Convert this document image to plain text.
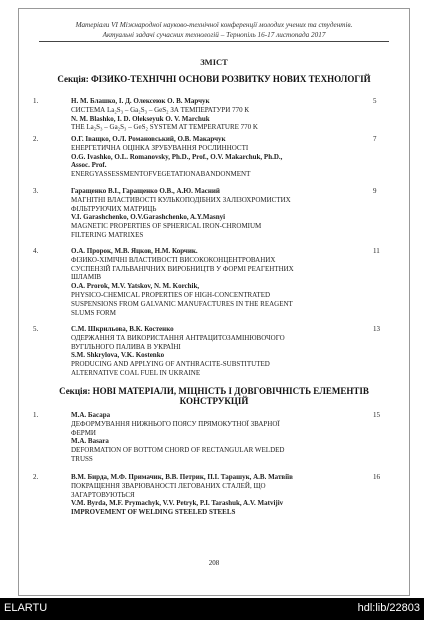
Матеріали VI Міжнародної науково-технічної конференції молодих учених та студентів.
Актуальні задачі сучасних технологій – Тернопіль 16-17 листопада 2017
ЗМІСТ
Секція: ФІЗИКО-ТЕХНІЧНІ ОСНОВИ РОЗВИТКУ НОВИХ ТЕХНОЛОГІЙ
1.	Н. М. Блашко, І. Д. Олексеюк О. В. Марчук
СИСТЕМА La₂S₃ – Ga₂S₃ – GeS₂ ЗА ТЕМПЕРАТУРИ 770 К
N. M. Blashko, I. D. Olekseyuk O. V. Marchuk
THE La₂S₃ – Ga₂S₃ – GeS₂ SYSTEM AT TEMPERATURE 770 K
5
2.	О.Г. Іващко, О.Л. Романовський, О.В. Макарчук
ЕНЕРГЕТИЧНА ОЦІНКА ЗРУБУВАННЯ РОСЛИННОСТІ
O.G. Ivashko, O.L. Romanovsky, Ph.D., Prof., O.V. Makarchuk, Ph.D.,
Assoc. Prof.
ENERGYASSESSMENTOFVEGETATIONABANDONMENT
7
3.	Гаращенко В.І., Гаращенко О.В., А.Ю. Масний
МАГНІТНІ ВЛАСТИВОСТІ КУЛЬКОПОДІБНИХ ЗАЛІЗОХРОМИСТИХ
ФІЛЬТРУЮЧИХ МАТРИЦЬ
V.I. Garashchenko, O.V.Garashchenko, A.Y.Masnyi
MAGNETIC PROPERTIES OF SPHERICAL IRON-CHROMIUM
FILTERING MATRIXES
9
4.	О.А. Пророк, М.В. Яцков, Н.М. Корчик.
ФІЗИКО-ХІМІЧНІ ВЛАСТИВОСТІ ВИСОКОКОНЦЕНТРОВАНИХ
СУСПЕНЗІЙ ГАЛЬВАНІЧНИХ ВИРОБНИЦТВ У ФОРМІ РЕАГЕНТНИХ
ШЛАМІВ
O.A. Prorok, M.V. Yatskov, N. M. Korchik,
PHYSICO-CHEMICAL PROPERTIES OF HIGH-CONCENTRATED
SUSPENSIONS FROM GALVANIC MANUFACTURES IN THE REAGENT
SLUMS FORM
11
5.	С.М. Шкрильова, В.К. Костенко
ОДЕРЖАННЯ ТА ВИКОРИСТАННЯ АНТРАЦИТОЗАМІНЮВОЧОГО
ВУГІЛЬНОГО ПАЛИВА В УКРАЇНІ
S.M. Shkrylova, V.K. Kostenko
PRODUCING AND APPLYING OF ANTHRACITE-SUBSTITUTED
ALTERNATIVE COAL FUEL IN UKRAINE
13
Секція: НОВІ МАТЕРІАЛИ, МІЦНІСТЬ І ДОВГОВІЧНІСТЬ ЕЛЕМЕНТІВ КОНСТРУКЦІЙ
1.	М.А. Басара
ДЕФОРМУВАННЯ НИЖНЬОГО ПОЯСУ ПРЯМОКУТНОЇ ЗВАРНОЇ
ФЕРМИ
M.A. Basara
DEFORMATION OF BOTTOM CHORD OF RECTANGULAR WELDED
TRUSS
15
2.	В.М. Бирда, М.Ф. Примачик, В.В. Петрик, П.І. Тарашук, А.В. Матвіїв
ПОКРАЩЕННЯ ЗВАРЮВАНОСТІ ЛЕГОВАНИХ СТАЛЕЙ, ЩО
ЗАГАРТОВУЮТЬСЯ
V.M. Byrda, M.F. Prymachyk, V.V. Petryk, P.I. Tarashuk, A.V. Matvijiv
IMPROVEMENT OF WELDING STEELED STEELS
16
208
ELARTU	hdl:lib/22803
